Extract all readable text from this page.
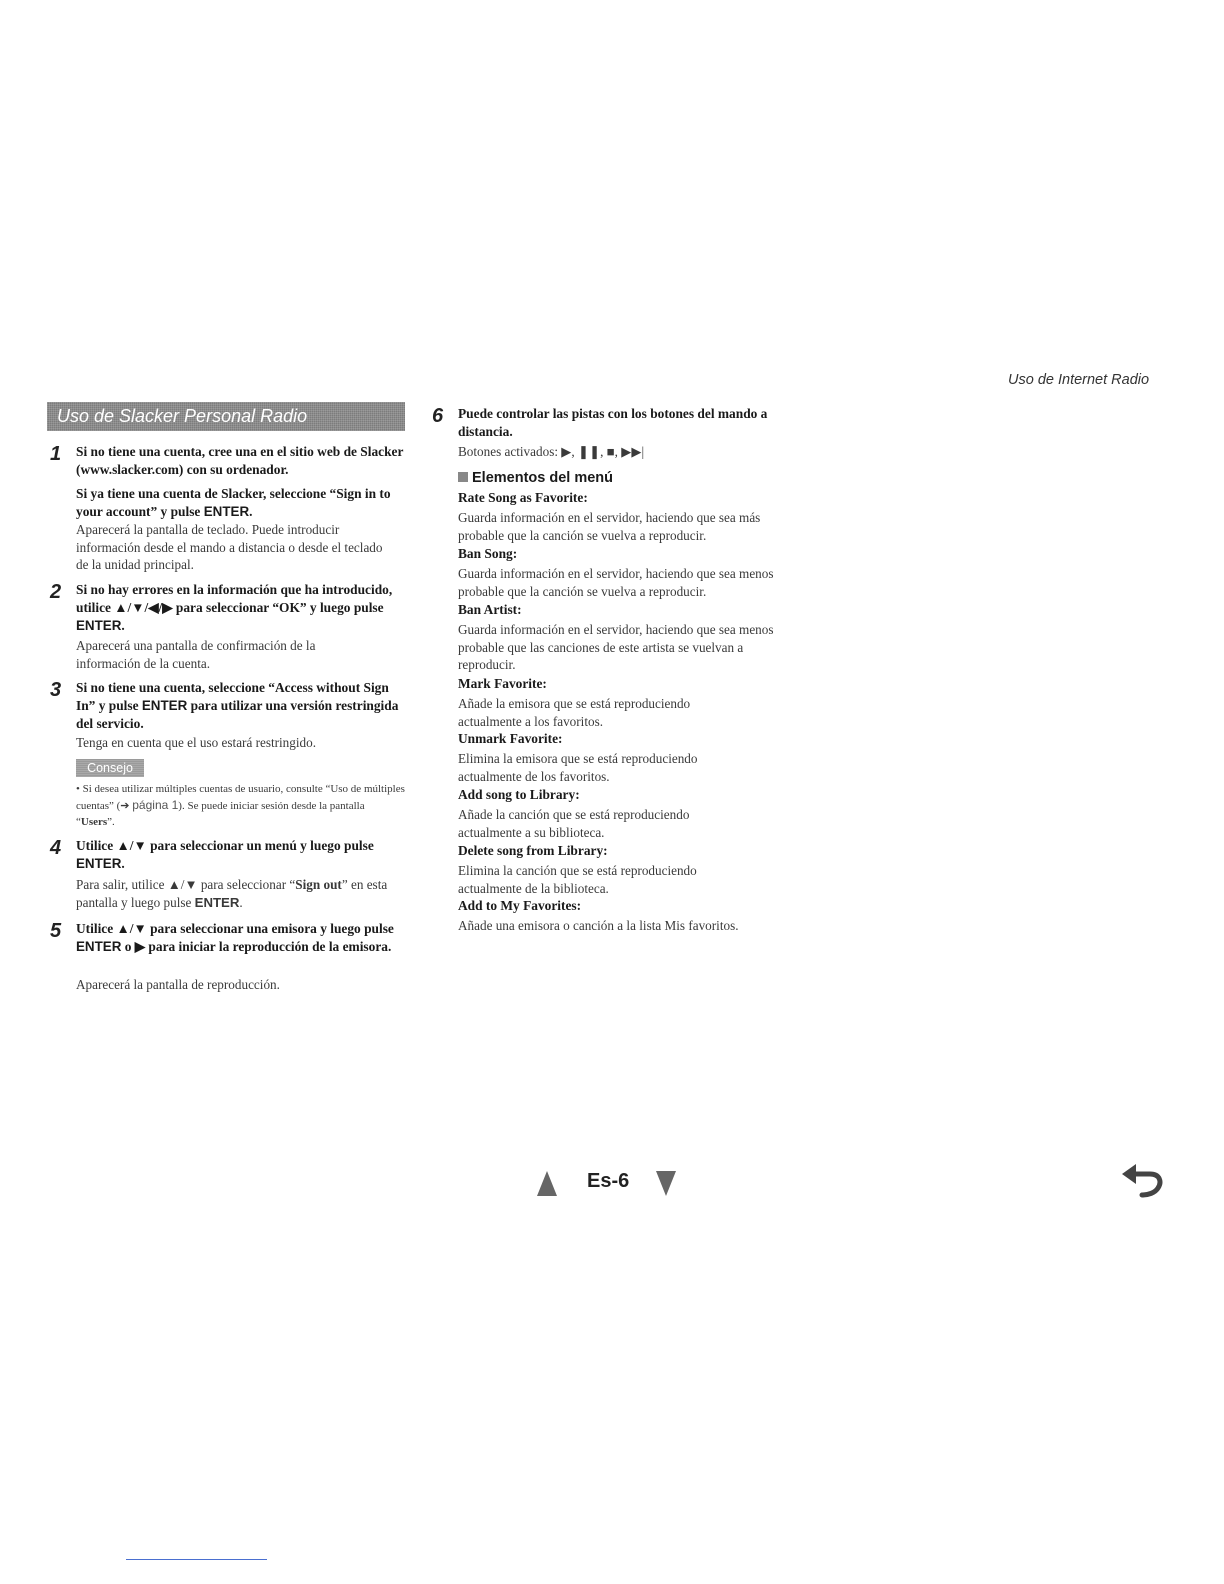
Uso de Internet Radio
Uso de Slacker Personal Radio
1 Si no tiene una cuenta, cree una en el sitio web de Slacker (www.slacker.com) con su ordenador.
Si ya tiene una cuenta de Slacker, seleccione “Sign in to your account” y pulse ENTER.
Aparecerá la pantalla de teclado. Puede introducir información desde el mando a distancia o desde el teclado de la unidad principal.
2 Si no hay errores en la información que ha introducido, utilice ▲/▼/◀/▶ para seleccionar “OK” y luego pulse ENTER.
Aparecerá una pantalla de confirmación de la información de la cuenta.
3 Si no tiene una cuenta, seleccione “Access without Sign In” y pulse ENTER para utilizar una versión restringida del servicio.
Tenga en cuenta que el uso estará restringido.
Consejo
• Si desea utilizar múltiples cuentas de usuario, consulte “Uso de múltiples cuentas” (➔ página 1). Se puede iniciar sesión desde la pantalla “Users”.
4 Utilice ▲/▼ para seleccionar un menú y luego pulse ENTER.
Para salir, utilice ▲/▼ para seleccionar “Sign out” en esta pantalla y luego pulse ENTER.
5 Utilice ▲/▼ para seleccionar una emisora y luego pulse ENTER o ▶ para iniciar la reproducción de la emisora.
Aparecerá la pantalla de reproducción.
6 Puede controlar las pistas con los botones del mando a distancia.
Botones activados: ▶, ❚❚, ■, ▶▶|
Elementos del menú
Rate Song as Favorite:
Guarda información en el servidor, haciendo que sea más probable que la canción se vuelva a reproducir.
Ban Song:
Guarda información en el servidor, haciendo que sea menos probable que la canción se vuelva a reproducir.
Ban Artist:
Guarda información en el servidor, haciendo que sea menos probable que las canciones de este artista se vuelvan a reproducir.
Mark Favorite:
Añade la emisora que se está reproduciendo actualmente a los favoritos.
Unmark Favorite:
Elimina la emisora que se está reproduciendo actualmente de los favoritos.
Add song to Library:
Añade la canción que se está reproduciendo actualmente a su biblioteca.
Delete song from Library:
Elimina la canción que se está reproduciendo actualmente de la biblioteca.
Add to My Favorites:
Añade una emisora o canción a la lista Mis favoritos.
Es-6
